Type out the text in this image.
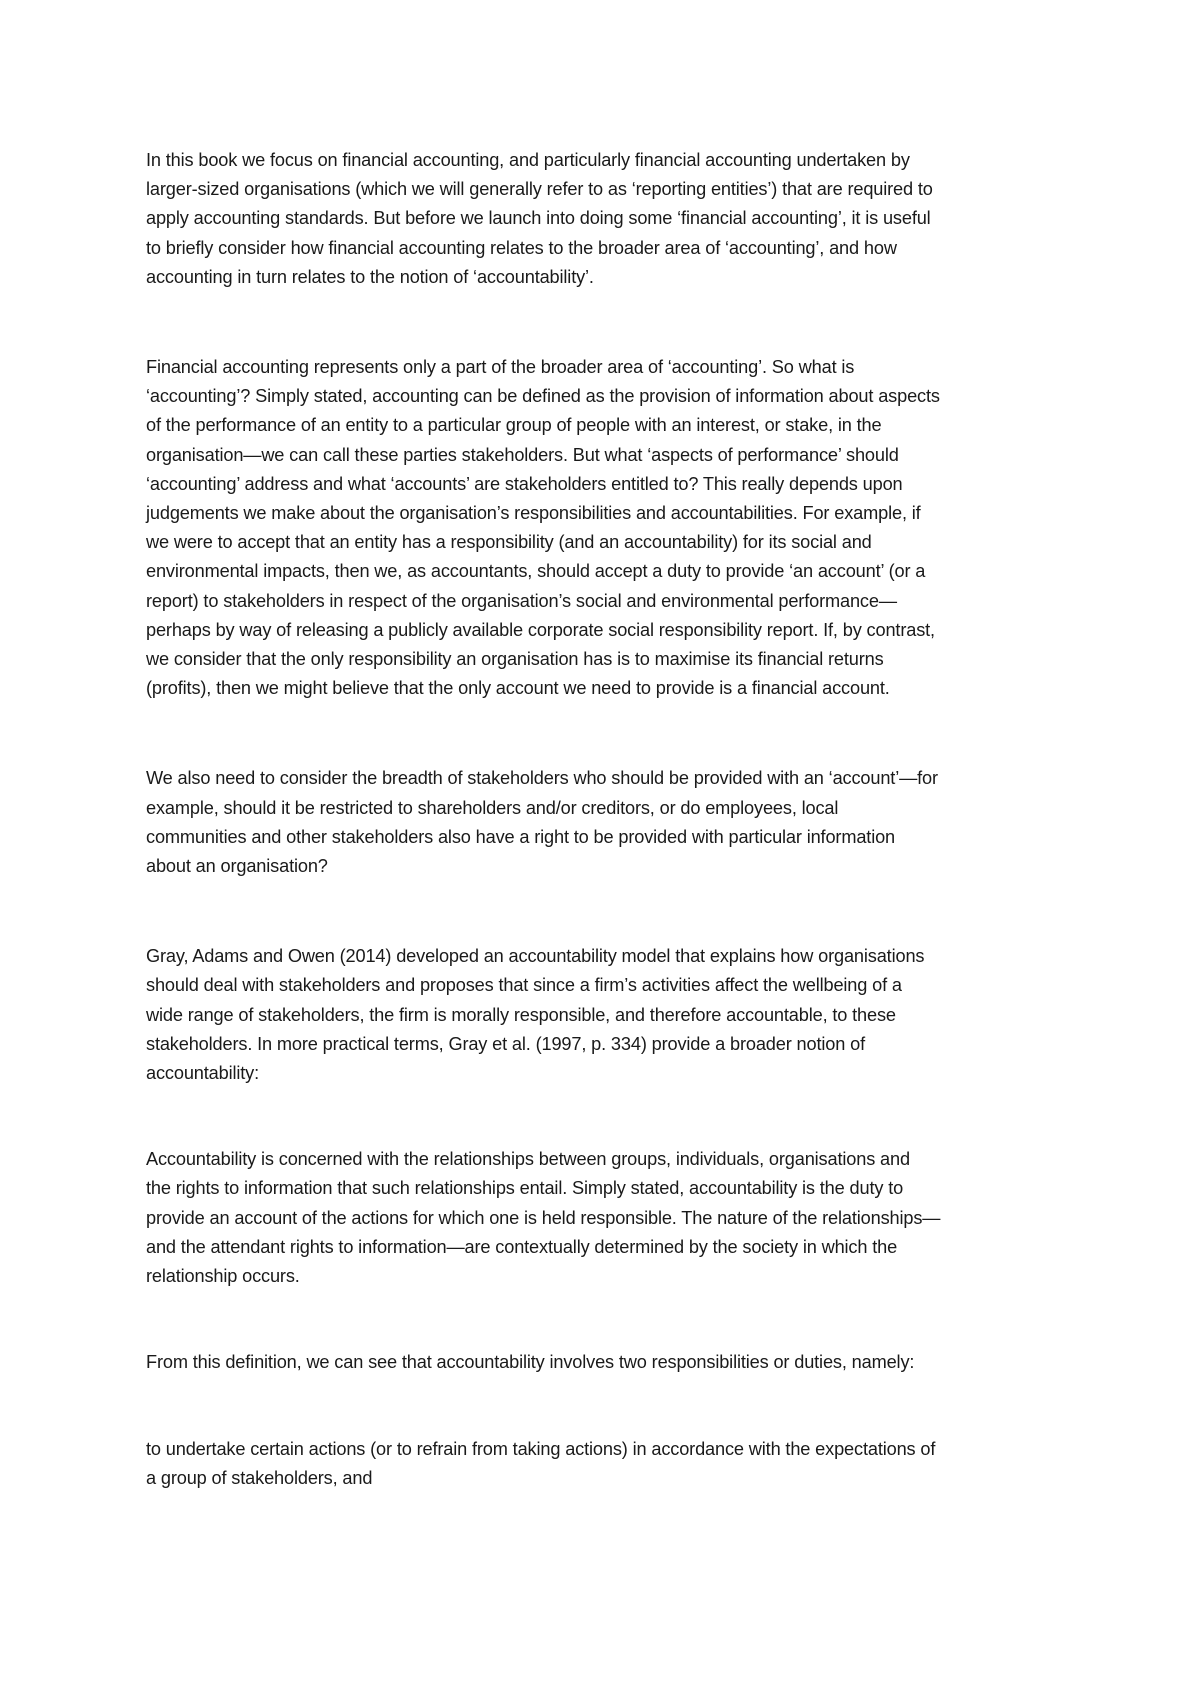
In this book we focus on financial accounting, and particularly financial accounting undertaken by
larger-sized organisations (which we will generally refer to as ‘reporting entities’) that are required to
apply accounting standards. But before we launch into doing some ‘financial accounting’, it is useful
to briefly consider how financial accounting relates to the broader area of ‘accounting’, and how
accounting in turn relates to the notion of ‘accountability’.
Financial accounting represents only a part of the broader area of ‘accounting’. So what is
‘accounting’? Simply stated, accounting can be defined as the provision of information about aspects
of the performance of an entity to a particular group of people with an interest, or stake, in the
organisation—we can call these parties stakeholders. But what ‘aspects of performance’ should
‘accounting’ address and what ‘accounts’ are stakeholders entitled to? This really depends upon
judgements we make about the organisation’s responsibilities and accountabilities. For example, if
we were to accept that an entity has a responsibility (and an accountability) for its social and
environmental impacts, then we, as accountants, should accept a duty to provide ‘an account’ (or a
report) to stakeholders in respect of the organisation’s social and environmental performance—
perhaps by way of releasing a publicly available corporate social responsibility report. If, by contrast,
we consider that the only responsibility an organisation has is to maximise its financial returns
(profits), then we might believe that the only account we need to provide is a financial account.
We also need to consider the breadth of stakeholders who should be provided with an ‘account’—for
example, should it be restricted to shareholders and/or creditors, or do employees, local
communities and other stakeholders also have a right to be provided with particular information
about an organisation?
Gray, Adams and Owen (2014) developed an accountability model that explains how organisations
should deal with stakeholders and proposes that since a firm’s activities affect the wellbeing of a
wide range of stakeholders, the firm is morally responsible, and therefore accountable, to these
stakeholders. In more practical terms, Gray et al. (1997, p. 334) provide a broader notion of
accountability:
Accountability is concerned with the relationships between groups, individuals, organisations and
the rights to information that such relationships entail. Simply stated, accountability is the duty to
provide an account of the actions for which one is held responsible. The nature of the relationships—
and the attendant rights to information—are contextually determined by the society in which the
relationship occurs.
From this definition, we can see that accountability involves two responsibilities or duties, namely:
to undertake certain actions (or to refrain from taking actions) in accordance with the expectations of
a group of stakeholders, and
